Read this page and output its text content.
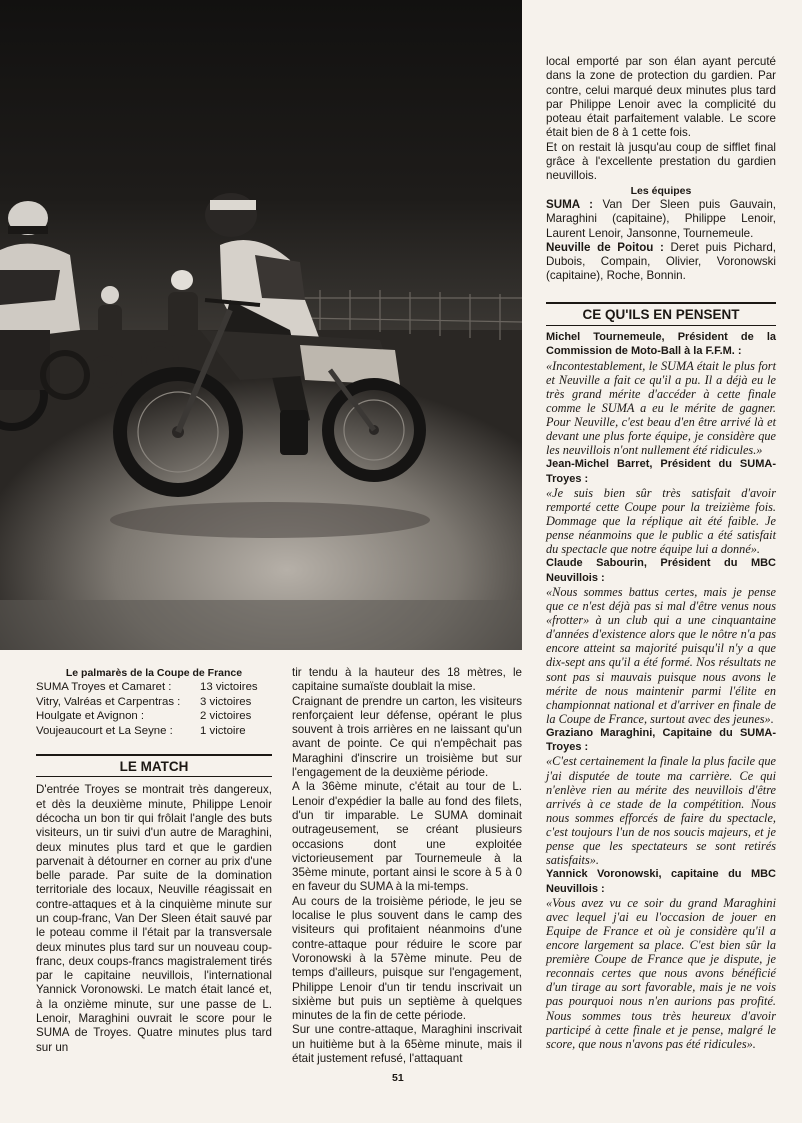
Le palmarès de la Coupe de France

SUMA Troyes et Camaret :	13 victoires
Vitry, Valréas et Carpentras : 3 victoires
Houlgate et Avignon :	2 victoires
Voujeaucourt et La Seyne : 1 victoire
LE MATCH

D'entrée Troyes se montrait très dangereux, et dès la deuxième minute, Philippe Lenoir décocha un bon tir qui frôlait l'angle des buts visiteurs, un tir suivi d'un autre de Maraghini, deux minutes plus tard et que le gardien parvenait à détourner en corner au prix d'une belle parade. Par suite de la domination territoriale des locaux, Neuville réagissait en contre-attaques et à la cinquième minute sur un coup-franc, Van Der Sleen était sauvé par le poteau comme il l'était par la transversale deux minutes plus tard sur un nouveau coup-franc, deux coups-francs magistralement tirés par le capitaine neuvillois, l'international Yannick Voronowski. Le match était lancé et, à la onzième minute, sur une passe de L. Lenoir, Maraghini ouvrait le score pour le SUMA de Troyes. Quatre minutes plus tard sur un

tir tendu à la hauteur des 18 mètres, le capitaine sumaïste doublait la mise.

Craignant de prendre un carton, les visiteurs renforçaient leur défense, opérant le plus souvent à trois arrières en ne laissant qu'un avant de pointe. Ce qui n'empêchait pas Maraghini d'inscrire un troisième but sur l'engagement de la deuxième période.

A la 36ème minute, c'était au tour de L. Lenoir d'expédier la balle au fond des filets, d'un tir imparable. Le SUMA dominait outrageusement, se créant plusieurs occasions dont une exploitée victorieusement par Tournemeule à la 35ème minute, portant ainsi le score à 5 à 0 en faveur du SUMA à la mi-temps.

Au cours de la troisième période, le jeu se localise le plus souvent dans le camp des visiteurs qui profitaient néanmoins d'une contre-attaque pour réduire le score par Voronowski à la 57ème minute. Peu de temps d'ailleurs, puisque sur l'engagement, Philippe Lenoir d'un tir tendu inscrivait un sixième but puis un septième à quelques minutes de la fin de cette période.

Sur une contre-attaque, Maraghini inscrivait un huitième but à la 65ème minute, mais il était justement refusé, l'attaquant

local emporté par son élan ayant percuté dans la zone de protection du gardien. Par contre, celui marqué deux minutes plus tard par Philippe Lenoir avec la complicité du poteau était parfaitement valable. Le score était bien de 8 à 1 cette fois.

Et on restait là jusqu'au coup de sifflet final grâce à l'excellente prestation du gardien neuvillois.

Les équipes

SUMA : Van Der Sleen puis Gauvain, Maraghini (capitaine), Philippe Lenoir, Laurent Lenoir, Jansonne, Tournemeule.

Neuville de Poitou : Deret puis Pichard, Dubois, Compain, Olivier, Voronowski (capitaine), Roche, Bonnin.

CE QU'ILS EN PENSENT

Michel Tournemeule, Président de la Commission de Moto-Ball à la F.F.M. :

«Incontestablement, le SUMA était le plus fort et Neuville a fait ce qu'il a pu. Il a déjà eu le très grand mérite d'accéder à cette finale comme le SUMA a eu le mérite de gagner. Pour Neuville, c'est beau d'en être arrivé là et devant une plus forte équipe, je considère que les neuvillois n'ont nullement été ridicules.»

Jean-Michel Barret, Président du SUMA-Troyes :

«Je suis bien sûr très satisfait d'avoir remporté cette Coupe pour la treizième fois. Dommage que la réplique ait été faible. Je pense néanmoins que le public a été satisfait du spectacle que notre équipe lui a donné».

Claude Sabourin, Président du MBC Neuvillois :

«Nous sommes battus certes, mais je pense que ce n'est déjà pas si mal d'être venus nous «frotter» à un club qui a une cinquantaine d'années d'existence alors que le nôtre n'a pas encore atteint sa majorité puisqu'il n'y a que dix-sept ans qu'il a été formé. Nos résultats ne sont pas si mauvais puisque nous avons le mérite de nous maintenir parmi l'élite en championnat national et d'arriver en finale de la Coupe de France, surtout avec des jeunes».

Graziano Maraghini, Capitaine du SUMA-Troyes :

«C'est certainement la finale la plus facile que j'ai disputée de toute ma carrière. Ce qui n'enlève rien au mérite des neuvillois d'être arrivés à ce stade de la compétition. Nous nous sommes efforcés de faire du spectacle, c'est toujours l'un de nos soucis majeurs, et je pense que les spectateurs se sont retirés satisfaits».

Yannick Voronowski, capitaine du MBC Neuvillois :

«Vous avez vu ce soir du grand Maraghini avec lequel j'ai eu l'occasion de jouer en Equipe de France et où je considère qu'il a encore largement sa place. C'est bien sûr la première Coupe de France que je dispute, je reconnais certes que nous avons bénéficié d'un tirage au sort favorable, mais je ne vois pas pourquoi nous n'en aurions pas profité. Nous sommes tous très heureux d'avoir participé à cette finale et je pense, malgré le score, que nous n'avons pas été ridicules».

51
